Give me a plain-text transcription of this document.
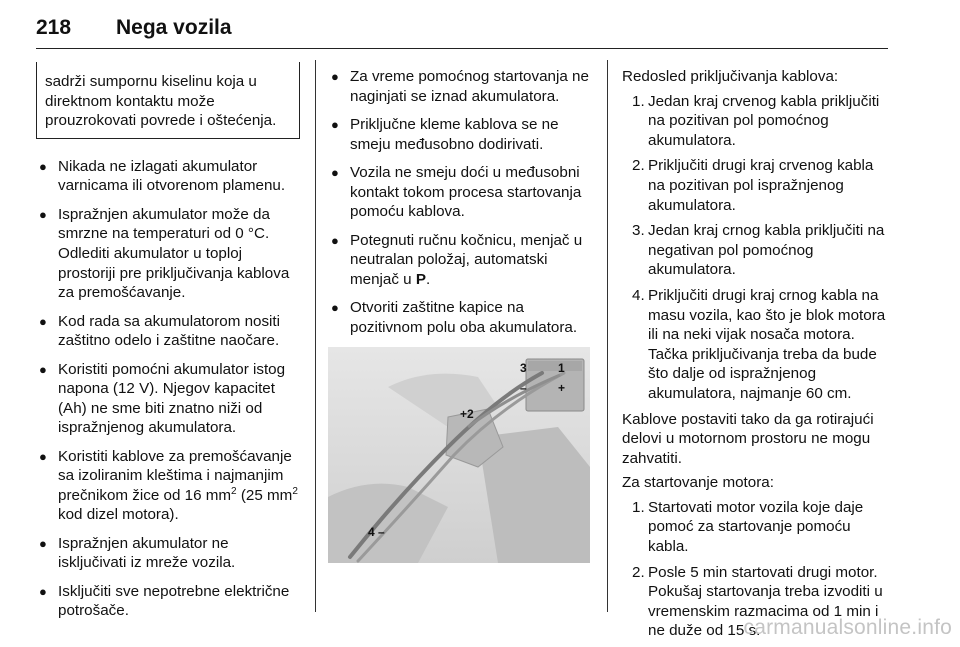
218 Nega vozila

sadrži sumpornu kiselinu koja u direktnom kontaktu može prouzrokovati povrede i oštećenja.

● Nikada ne izlagati akumulator varnicama ili otvorenom plamenu.
● Ispražnjen akumulator može da smrzne na temperaturi od 0 °C. Odlediti akumulator u toploj prostoriji pre priključivanja kablova za premošćavanje.
● Kod rada sa akumulatorom nositi zaštitno odelo i zaštitne naočare.
● Koristiti pomoćni akumulator istog napona (12 V). Njegov kapacitet (Ah) ne sme biti znatno niži od ispražnjenog akumulatora.
● Koristiti kablove za premošćavanje sa izoliranim kleštima i najmanjim prečnikom žice od 16 $mm^2$ (25 $mm^2$ kod dizel motora).
● Ispražnjen akumulator ne isključivati iz mreže vozila.
● Isključiti sve nepotrebne električne potrošače.
● Za vreme pomoćnog startovanja ne naginjati se iznad akumulatora.
● Priključne kleme kablova se ne smeju međusobno dodirivati.
● Vozila ne smeju doći u međusobni kontakt tokom procesa startovanja pomoću kablova.
● Potegnuti ručnu kočnicu, menjač u neutralan položaj, automatski menjač u P.
● Otvoriti zaštitne kapice na pozitivnom polu oba akumulatora.
1
+
+2
3
–
4 –

Redosled priključivanja kablova:

1. Jedan kraj crvenog kabla priključiti na pozitivan pol pomoćnog akumulatora.
2. Priključiti drugi kraj crvenog kabla na pozitivan pol ispražnjenog akumulatora.
3. Jedan kraj crnog kabla priključiti na negativan pol pomoćnog akumulatora.
4. Priključiti drugi kraj crnog kabla na masu vozila, kao što je blok motora ili na neki vijak nosača motora. Tačka priključivanja treba da bude što dalje od ispražnjenog akumulatora, najmanje 60 cm.

Kablove postaviti tako da ga rotirajući delovi u motornom prostoru ne mogu zahvatiti.

Za startovanje motora:

1. Startovati motor vozila koje daje pomoć za startovanje pomoću kabla.
2. Posle 5 min startovati drugi motor. Pokušaj startovanja treba izvoditi u vremenskim razmacima od 1 min i ne duže od 15 s.
carmanualsonline.info
